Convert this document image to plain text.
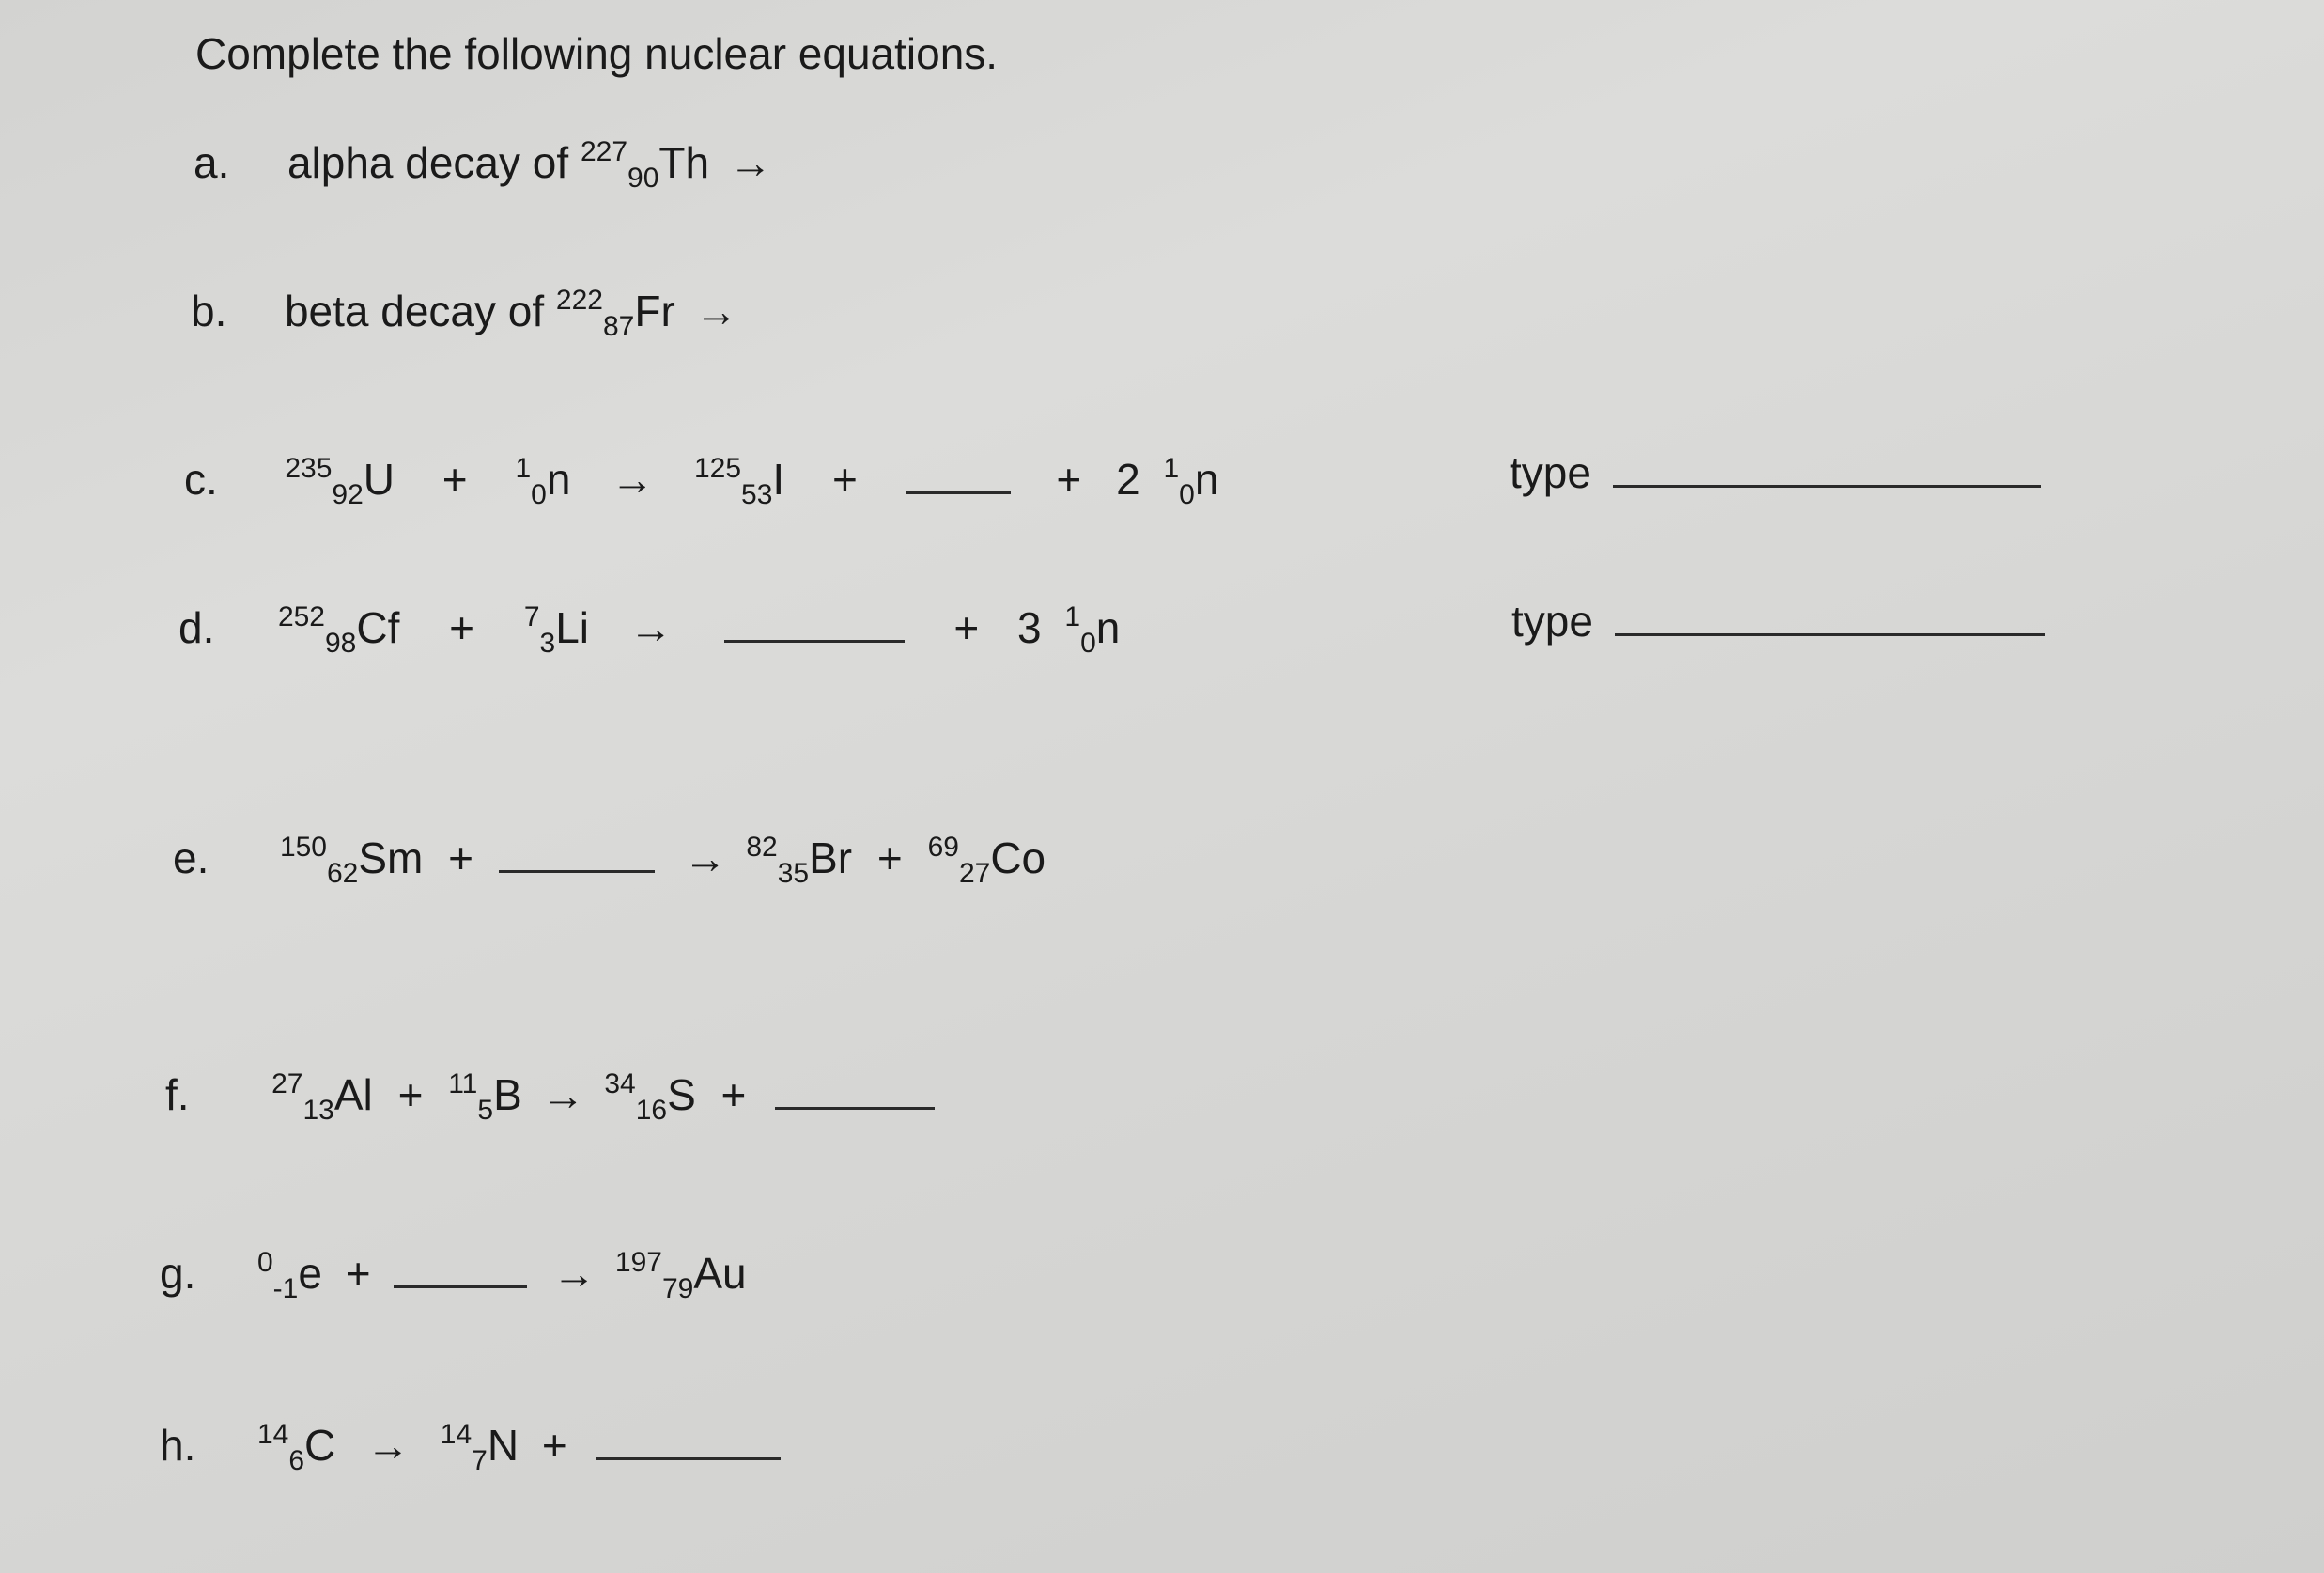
Complete the following nuclear equations.
a. alpha decay of $^{227}_{90}$Th →
b. beta decay of $^{222}_{87}$Fr →
c. $^{235}_{92}$U + $^1_0$n → $^{125}_{53}$I +	+ 2 $^1_0$n	type
d. $^{252}_{98}$Cf + $^7_3$Li →	+ 3 $^1_0$n	type
e.	$^{150}_{62}$Sm +	→ $^{82}_{35}$Br + $^{69}_{27}$Co
f.	$^{27}_{13}$Al + $^{11}_5$B → $^{34}_{16}$S +
g. $^0_{-1}$e +	→ $^{197}_{79}$Au
h. $^{14}_6$C → $^{14}_7$N +
